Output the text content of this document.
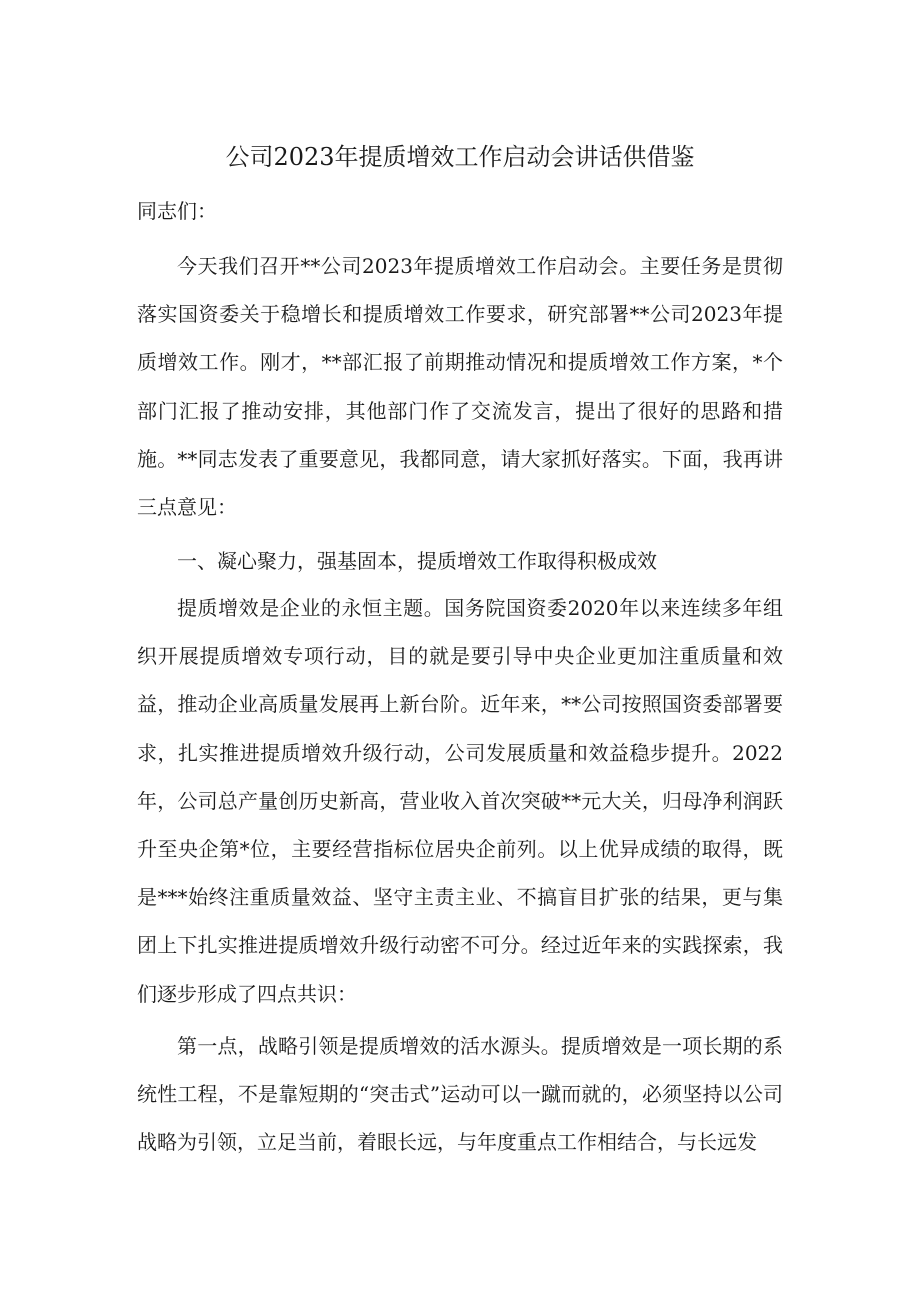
公司2023年提质增效工作启动会讲话供借鉴
同志们：

今天我们召开**公司2023年提质增效工作启动会。主要任务是贯彻落实国资委关于稳增长和提质增效工作要求，研究部署**公司2023年提质增效工作。刚才，**部汇报了前期推动情况和提质增效工作方案，*个部门汇报了推动安排，其他部门作了交流发言，提出了很好的思路和措施。**同志发表了重要意见，我都同意，请大家抓好落实。下面，我再讲三点意见：

一、凝心聚力，强基固本，提质增效工作取得积极成效

提质增效是企业的永恒主题。国务院国资委2020年以来连续多年组织开展提质增效专项行动，目的就是要引导中央企业更加注重质量和效益，推动企业高质量发展再上新台阶。近年来，**公司按照国资委部署要求，扎实推进提质增效升级行动，公司发展质量和效益稳步提升。2022年，公司总产量创历史新高，营业收入首次突破**元大关，归母净利润跃升至央企第*位，主要经营指标位居央企前列。以上优异成绩的取得，既是***始终注重质量效益、坚守主责主业、不搞盲目扩张的结果，更与集团上下扎实推进提质增效升级行动密不可分。经过近年来的实践探索，我们逐步形成了四点共识：

第一点，战略引领是提质增效的活水源头。提质增效是一项长期的系统性工程，不是靠短期的“突击式”运动可以一蹴而就的，必须坚持以公司战略为引领，立足当前，着眼长远，与年度重点工作相结合，与长远发
